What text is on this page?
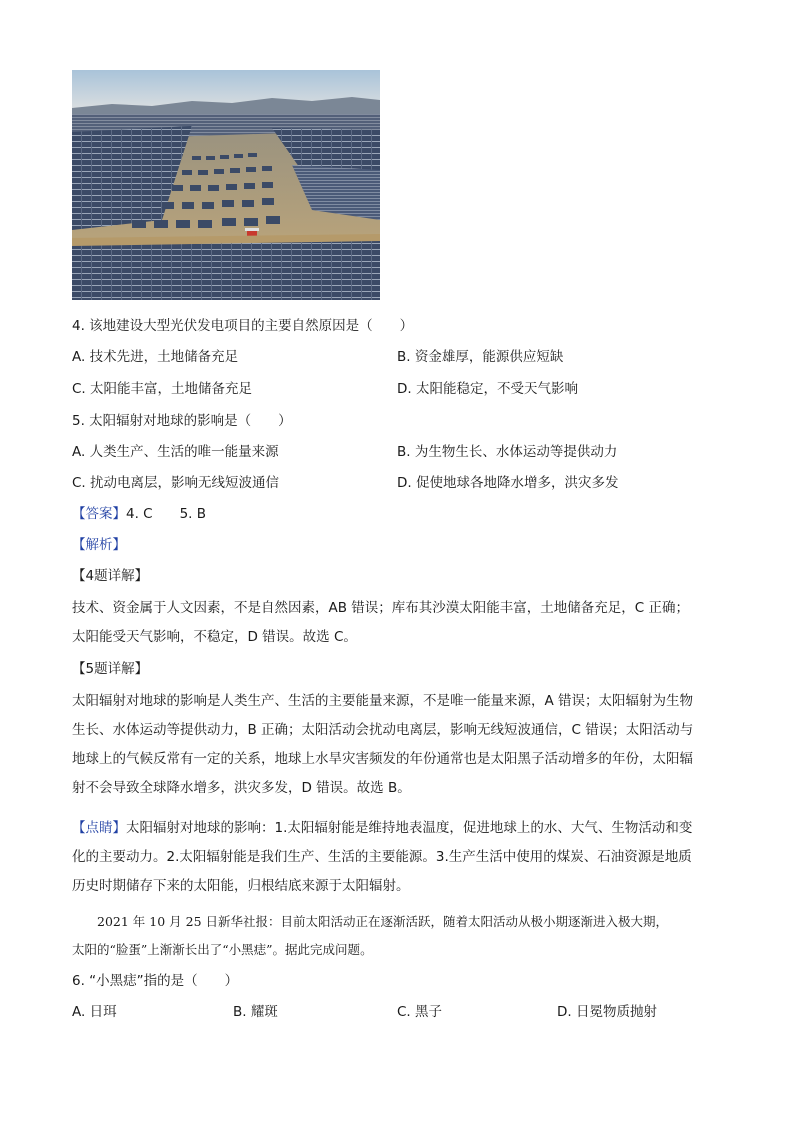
4. 该地建设大型光伏发电项目的主要自然原因是（　　）
A. 技术先进，土地储备充足	B. 资金雄厚，能源供应短缺
C. 太阳能丰富，土地储备充足	D. 太阳能稳定，不受天气影响
5. 太阳辐射对地球的影响是（　　）
A. 人类生产、生活的唯一能量来源	B. 为生物生长、水体运动等提供动力
C. 扰动电离层，影响无线短波通信	D. 促使地球各地降水增多，洪灾多发
【答案】4. C　　5. B
【解析】
【4题详解】
技术、资金属于人文因素，不是自然因素，AB 错误；库布其沙漠太阳能丰富，土地储备充足，C 正确；
太阳能受天气影响，不稳定，D 错误。故选 C。
【5题详解】
太阳辐射对地球的影响是人类生产、生活的主要能量来源，不是唯一能量来源，A 错误；太阳辐射为生物
生长、水体运动等提供动力，B 正确；太阳活动会扰动电离层，影响无线短波通信，C 错误；太阳活动与
地球上的气候反常有一定的关系，地球上水旱灾害频发的年份通常也是太阳黑子活动增多的年份，太阳辐
射不会导致全球降水增多，洪灾多发，D 错误。故选 B。
【点睛】太阳辐射对地球的影响：1.太阳辐射能是维持地表温度，促进地球上的水、大气、生物活动和变
化的主要动力。2.太阳辐射能是我们生产、生活的主要能源。3.生产生活中使用的煤炭、石油资源是地质
历史时期储存下来的太阳能，归根结底来源于太阳辐射。
　　2021 年 10 月 25 日新华社报：目前太阳活动正在逐渐活跃，随着太阳活动从极小期逐渐进入极大期，
太阳的“脸蛋”上渐渐长出了“小黑痣”。据此完成问题。
6. “小黑痣”指的是（　　）
A. 日珥	B. 耀斑	C. 黑子	D. 日冕物质抛射
